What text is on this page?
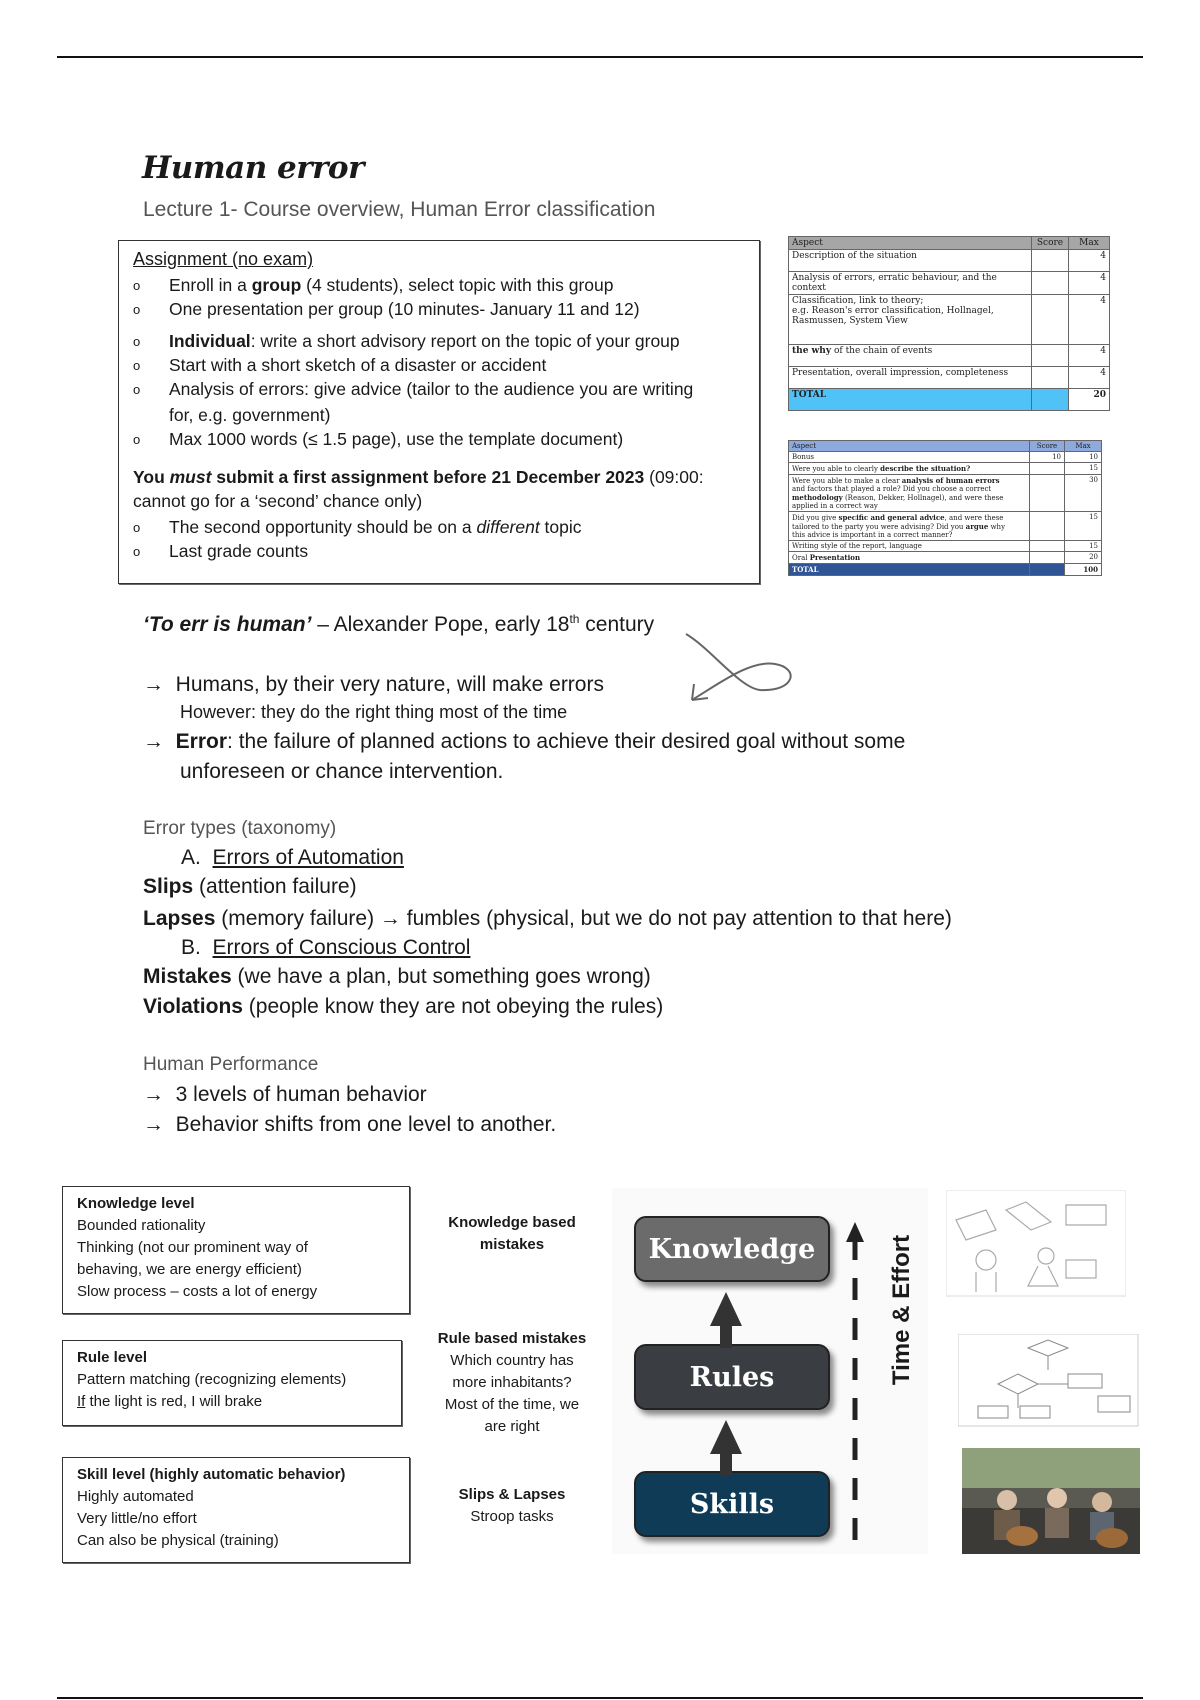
Human error
Lecture 1- Course overview, Human Error classification
Assignment (no exam)
o Enroll in a group (4 students), select topic with this group
o One presentation per group (10 minutes- January 11 and 12)
o Individual: write a short advisory report on the topic of your group
o Start with a short sketch of a disaster or accident
o Analysis of errors: give advice (tailor to the audience you are writing
for, e.g. government)
o Max 1000 words (≤ 1.5 page), use the template document)
You must submit a first assignment before 21 December 2023 (09:00:
cannot go for a ‘second’ chance only)
o The second opportunity should be on a different topic
o Last grade counts
Aspect	Score	Max
Description of the situation		4
Analysis of errors, erratic behaviour, and the context		4

Classification, link to theory;
e.g. Reason's error classification, Hollnagel,
Rasmussen, System View		4
the why of the chain of events		4
Presentation, overall impression, completeness		4
TOTAL		20
Aspect	Score	Max
Bonus	10	10
Were you able to clearly describe the situation?		15

Were you able to make a clear analysis of human errors
and factors that played a role? Did you choose a correct
methodology (Reason, Dekker, Hollnagel), and were these
applied in a correct way		30

Did you give specific and general advice, and were these
tailored to the party you were advising? Did you argue why
this advice is important in a correct manner?		15
Writing style of the report, language		15
Oral Presentation		20
TOTAL		100
‘To err is human’ – Alexander Pope, early 18th century
→ Humans, by their very nature, will make errors
However: they do the right thing most of the time
→ Error: the failure of planned actions to achieve their desired goal without some
unforeseen or chance intervention.
Error types (taxonomy)
A. Errors of Automation
Slips (attention failure)
Lapses (memory failure) → fumbles (physical, but we do not pay attention to that here)
B. Errors of Conscious Control
Mistakes (we have a plan, but something goes wrong)
Violations (people know they are not obeying the rules)
Human Performance
→ 3 levels of human behavior
→ Behavior shifts from one level to another.
Knowledge level
Bounded rationality
Thinking (not our prominent way of
behaving, we are energy efficient)
Slow process – costs a lot of energy
Rule level
Pattern matching (recognizing elements)
If the light is red, I will brake
Skill level (highly automatic behavior)
Highly automated
Very little/no effort
Can also be physical (training)
Knowledge based
mistakes
Rule based mistakes
Which country has
more inhabitants?
Most of the time, we
are right
Slips & Lapses
Stroop tasks
Knowledge
Rules
Skills
Time & Effort
